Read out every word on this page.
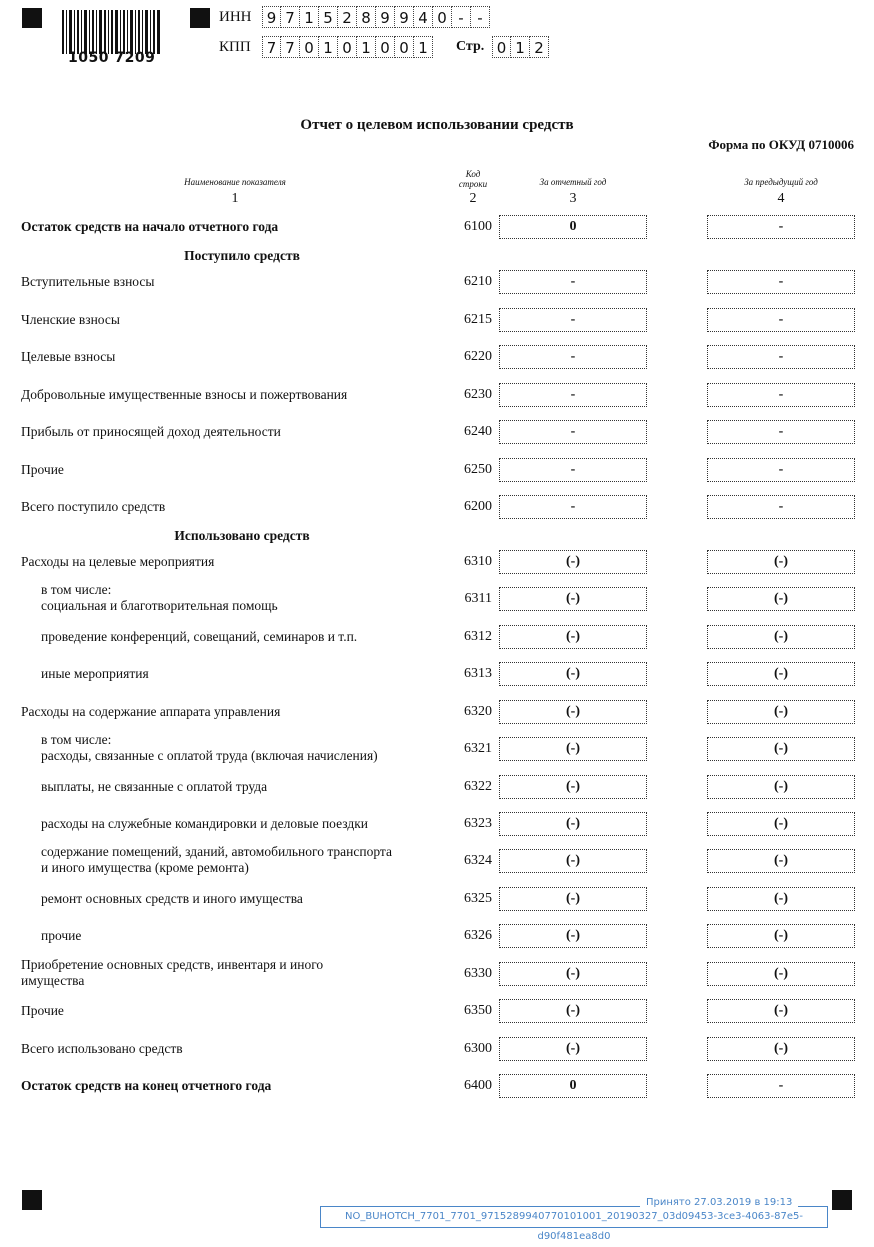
1050 7209
ИНН	9 7 1 5 2 8 9 9 4 0 - -
КПП	7 7 0 1 0 1 0 0 1	Стр. 0 1 2
Отчет о целевом использовании средств
Форма по ОКУД 0710006
Наименование показателя
Код
строки	За отчетный год	За предыдущий год
1	2	3	4
Поступило средств
Использовано средств
Остаток средств на начало отчетного года	6100	0	-
Вступительные взносы	6210	-	-
Членские взносы	6215	-	-
Целевые взносы	6220	-	-
Добровольные имущественные взносы и пожертвования	6230	-	-
Прибыль от приносящей доход деятельности	6240	-	-
Прочие	6250	-	-
Всего поступило средств	6200	-	-
Расходы на целевые мероприятия	6310	(-)	(-)
в том числе:
социальная и благотворительная помощь	6311	(-)	(-)
проведение конференций, совещаний, семинаров и т.п.	6312	(-)	(-)
иные мероприятия	6313	(-)	(-)
Расходы на содержание аппарата управления	6320	(-)	(-)
в том числе:
расходы, связанные с оплатой труда (включая начисления)	6321	(-)	(-)
выплаты, не связанные с оплатой труда	6322	(-)	(-)
расходы на служебные командировки и деловые поездки	6323	(-)	(-)
содержание помещений, зданий, автомобильного транспорта
и иного имущества (кроме ремонта)	6324	(-)	(-)
ремонт основных средств и иного имущества	6325	(-)	(-)
прочие	6326	(-)	(-)
Приобретение основных средств, инвентаря и иного
имущества	6330	(-)	(-)
Прочие	6350	(-)	(-)
Всего использовано средств	6300	(-)	(-)
Остаток средств на конец отчетного года	6400	0	-
NO_BUHOTCH_7701_7701_9715289940770101001_20190327_03d09453-3ce3-4063-87e5-d90f481ea8d0
Принято 27.03.2019 в 19:13
